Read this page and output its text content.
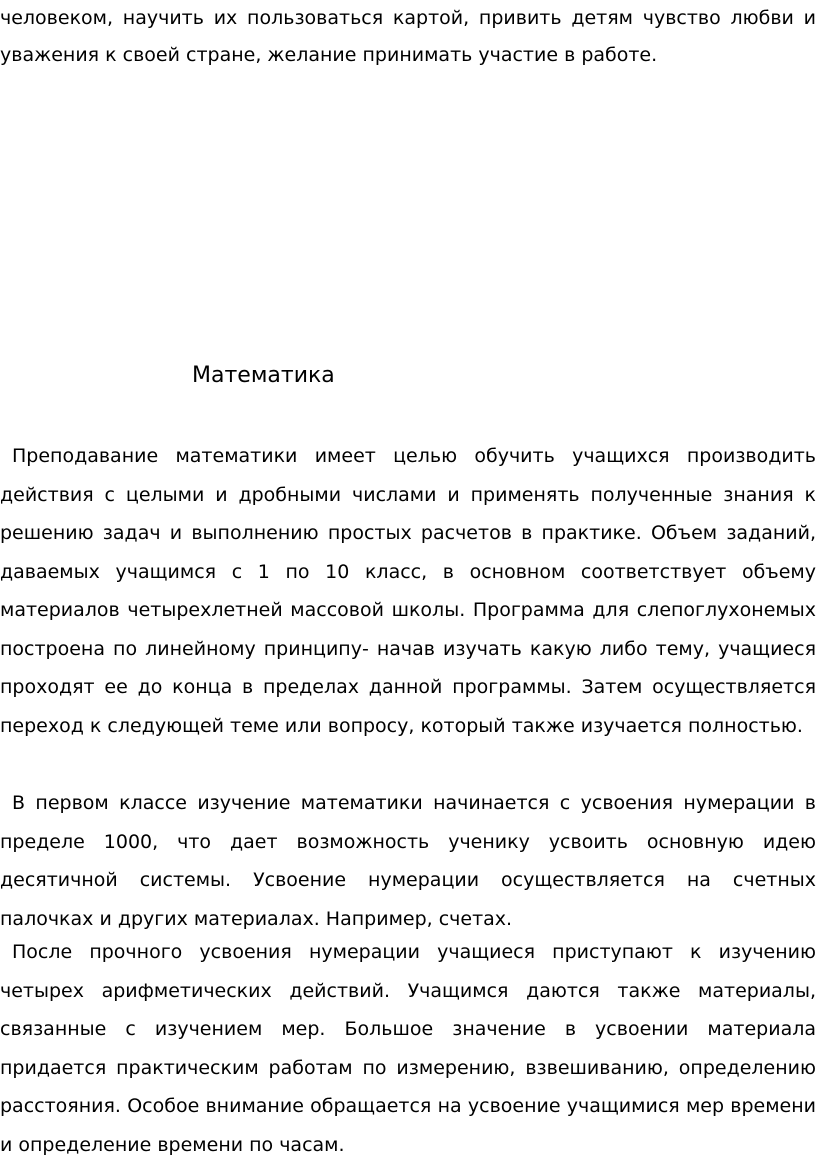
человеком, научить их пользоваться картой, привить детям чувство любви и уважения к своей стране, желание принимать участие в работе.

Математика

Преподавание математики имеет целью обучить учащихся производить действия с целыми и дробными числами и применять полученные знания к решению задач и выполнению простых расчетов в практике. Объем заданий, даваемых учащимся с 1 по 10 класс, в основном соответствует объему материалов четырехлетней массовой школы. Программа для слепоглухонемых построена по линейному принципу- начав изучать какую либо тему, учащиеся проходят ее до конца в пределах данной программы. Затем осуществляется переход к следующей теме или вопросу, который также изучается полностью.

В первом классе изучение математики начинается с усвоения нумерации в пределе 1000, что дает возможность ученику усвоить основную идею десятичной системы. Усвоение нумерации осуществляется на счетных палочках и других материалах. Например, счетах.

После прочного усвоения нумерации учащиеся приступают к изучению четырех арифметических действий. Учащимся даются также материалы, связанные с изучением мер. Большое значение в усвоении материала придается практическим работам по измерению, взвешиванию, определению расстояния. Особое внимание обращается на усвоение учащимися мер времени и определение времени по часам.
